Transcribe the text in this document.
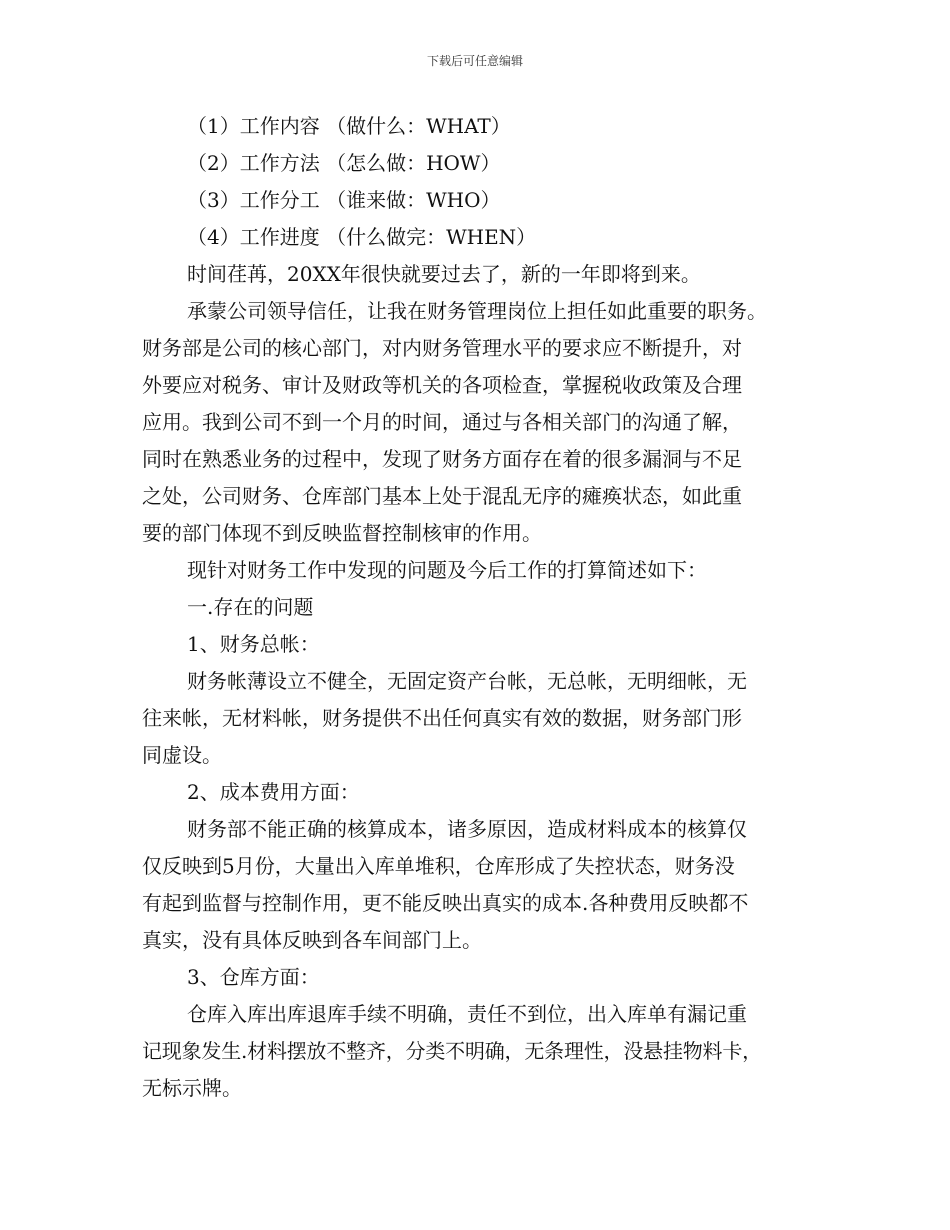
下载后可任意编辑
（1）工作内容 （做什么：WHAT）
（2）工作方法 （怎么做：HOW）
（3）工作分工 （谁来做：WHO）
（4）工作进度 （什么做完：WHEN）
时间荏苒，20XX年很快就要过去了，新的一年即将到来。
承蒙公司领导信任，让我在财务管理岗位上担任如此重要的职务。
财务部是公司的核心部门，对内财务管理水平的要求应不断提升，对
外要应对税务、审计及财政等机关的各项检查，掌握税收政策及合理
应用。我到公司不到一个月的时间，通过与各相关部门的沟通了解，
同时在熟悉业务的过程中，发现了财务方面存在着的很多漏洞与不足
之处，公司财务、仓库部门基本上处于混乱无序的瘫痪状态，如此重
要的部门体现不到反映监督控制核审的作用。
现针对财务工作中发现的问题及今后工作的打算简述如下：
一.存在的问题
1、财务总帐：
财务帐薄设立不健全，无固定资产台帐，无总帐，无明细帐，无
往来帐，无材料帐，财务提供不出任何真实有效的数据，财务部门形
同虚设。
2、成本费用方面：
财务部不能正确的核算成本，诸多原因，造成材料成本的核算仅
仅反映到5月份，大量出入库单堆积，仓库形成了失控状态，财务没
有起到监督与控制作用，更不能反映出真实的成本.各种费用反映都不
真实，没有具体反映到各车间部门上。
3、仓库方面：
仓库入库出库退库手续不明确，责任不到位，出入库单有漏记重
记现象发生.材料摆放不整齐，分类不明确，无条理性，没悬挂物料卡，
无标示牌。
